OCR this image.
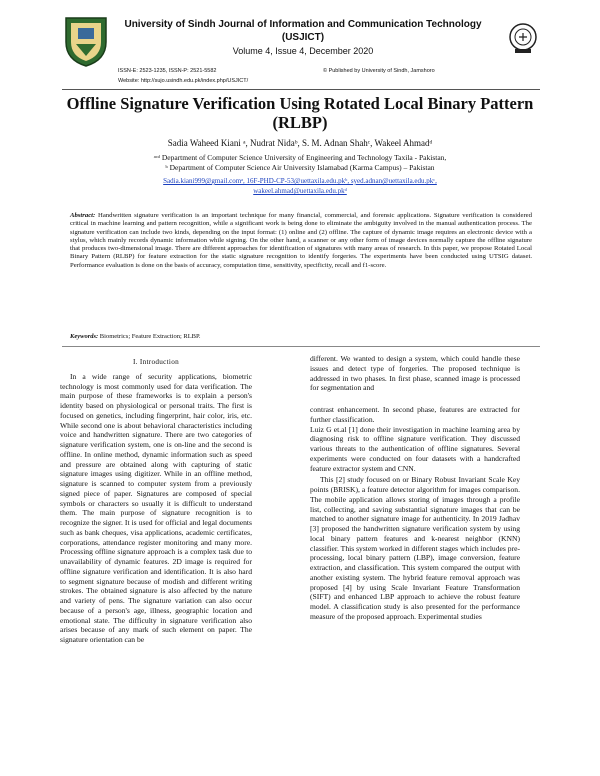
University of Sindh Journal of Information and Communication Technology
(USJICT)
Volume 4, Issue 4, December 2020
ISSN-E: 2523-1235, ISSN-P: 2521-5582	© Published by University of Sindh, Jamshoro
Website: http://sujo.usindh.edu.pk/index.php/USJICT/
Offline Signature Verification Using Rotated Local Binary Pattern (RLBP)
Sadia Waheed Kiani ᵃ, Nudrat Nidaᵇ, S. M. Adnan Shahᶜ, Wakeel Ahmadᵈ
ᵃᶜᵈ Department of Computer Science University of Engineering and Technology Taxila - Pakistan,
ᵇ Department of Computer Science Air University Islamabad (Karma Campus) – Pakistan
Sadia.kiani999@gmail.comᵃ, 16F-PHD-CP-53@uettaxila.edu.pkᵇ, syed.adnan@uettaxila.edu.pkᶜ,
wakeel.ahmad@uettaxila.edu.pkᵈ
Abstract: Handwritten signature verification is an important technique for many financial, commercial, and forensic applications. Signature verification is considered critical in machine learning and pattern recognition, while a significant work is being done to eliminate the ambiguity involved in the manual authentication process. The signature verification can include two kinds, depending on the input format: (1) online and (2) offline. The capture of dynamic image requires an electronic device with a stylus, which mainly records dynamic information while signing. On the other hand, a scanner or any other form of image devices normally capture the offline signature that produces two-dimensional image. There are different approaches for identification of signatures with many areas of research. In this paper, we propose Rotated Local Binary Pattern (RLBP) for feature extraction for the static signature recognition to identify forgeries. The experiments have been conducted using UTSIG dataset. Performance evaluation is done on the basis of accuracy, computation time, sensitivity, specificity, recall and f1-score.
Keywords: Biometrics; Feature Extraction; RLBP.
I. Introduction

In a wide range of security applications, biometric technology is most commonly used for data verification. The main purpose of these frameworks is to explain a person's identity based on physiological or personal traits. The first is focused on genetics, including fingerprint, hair color, iris, etc. While second one is about behavioral characteristics including voice and handwritten signature. There are two categories of signature verification system, one is on-line and the second is offline. In online method, dynamic information such as speed and pressure are obtained along with capturing of static signature images using digitizer. While in an offline method, signature is scanned to computer system from a previously signed piece of paper. Signatures are composed of special symbols or characters so usually it is difficult to understand them. The main purpose of signature recognition is to recognize the signer. It is used for official and legal documents such as bank cheques, visa applications, academic certificates, corporations, attendance register monitoring and many more. Processing offline signature approach is a complex task due to unavailability of dynamic features. 2D image is required for offline signature verification and identification. It is also hard to segment signature because of modish and different writing strokes. The obtained signature is also affected by the nature and variety of pens. The signature variation can also occur because of a person's age, illness, geographic location and emotional state. The difficulty in signature verification also arises because of any mark of such element on paper. The signature orientation can be

different. We wanted to design a system, which could handle these issues and detect type of forgeries. The proposed technique is addressed in two phases. In first phase, scanned image is processed for segmentation and

contrast enhancement. In second phase, features are extracted for further classification.

Luiz G et.al [1] done their investigation in machine learning area by diagnosing risk to offline signature verification. They discussed various threats to the authentication of offline signatures. Several experiments were conducted on four datasets with a handcrafted feature extractor system and CNN.

This [2] study focused on or Binary Robust Invariant Scale Key points (BRISK), a feature detector algorithm for images comparison. The mobile application allows storing of images through a profile list, collecting, and saving substantial signature images that can be matched to another signature image for authenticity. In 2019 Jadhav [3] proposed the handwritten signature verification system by using local binary pattern features and k-nearest neighbor (KNN) classifier. This system worked in different stages which includes pre- processing, local binary pattern (LBP), image conversion, feature extraction, and classification. This system compared the output with another existing system. The hybrid feature removal approach was proposed [4] by using Scale Invariant Feature Transformation (SIFT) and enhanced LBP approach to achieve the robust feature model. A classification study is also presented for the performance measure of the proposed approach. Experimental studies
